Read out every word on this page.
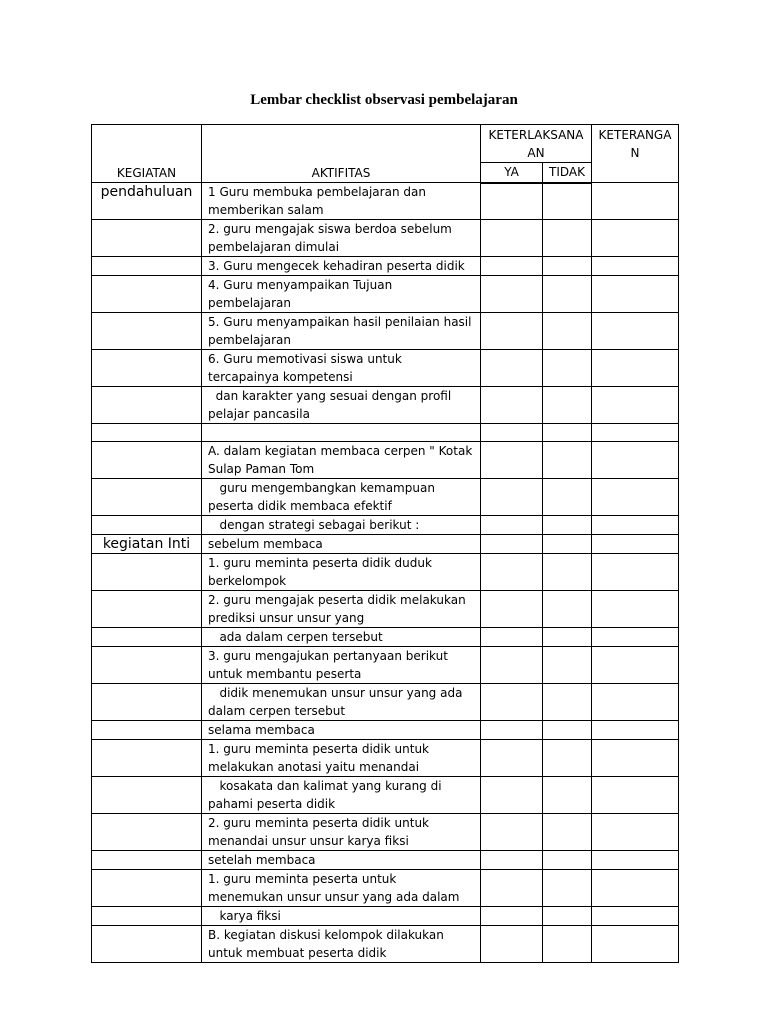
Lembar checklist observasi pembelajaran
KEGIATAN	AKTIFITAS	KETERLAKSANAAN		KETERANGAN
		YA	TIDAK	
pendahuluan	1 Guru membuka pembelajaran dan memberikan salam			
	2. guru mengajak siswa berdoa sebelum pembelajaran dimulai			
	3. Guru mengecek kehadiran peserta didik			
	4. Guru menyampaikan Tujuan pembelajaran			
	5. Guru menyampaikan hasil penilaian hasil pembelajaran			
	6. Guru memotivasi siswa untuk tercapainya kompetensi			
	dan karakter yang sesuai dengan profil pelajar pancasila			

	A. dalam kegiatan membaca cerpen " Kotak Sulap Paman Tom			
	guru mengembangkan kemampuan peserta didik membaca efektif			
	dengan strategi sebagai berikut :			
kegiatan Inti	sebelum membaca			
	1. guru meminta peserta didik duduk berkelompok			
	2. guru mengajak peserta didik melakukan prediksi unsur unsur yang			
	ada dalam cerpen tersebut			
	3. guru mengajukan pertanyaan berikut untuk membantu peserta			
	didik menemukan unsur unsur yang ada dalam cerpen tersebut			
	selama membaca			
	1. guru meminta peserta didik untuk melakukan anotasi yaitu menandai			
	kosakata dan kalimat yang kurang di pahami peserta didik			
	2. guru meminta peserta didik untuk menandai unsur unsur karya fiksi			
	setelah membaca			
	1. guru meminta peserta untuk menemukan unsur unsur yang ada dalam			
	karya fiksi			
	B. kegiatan diskusi kelompok dilakukan untuk membuat peserta didik			
